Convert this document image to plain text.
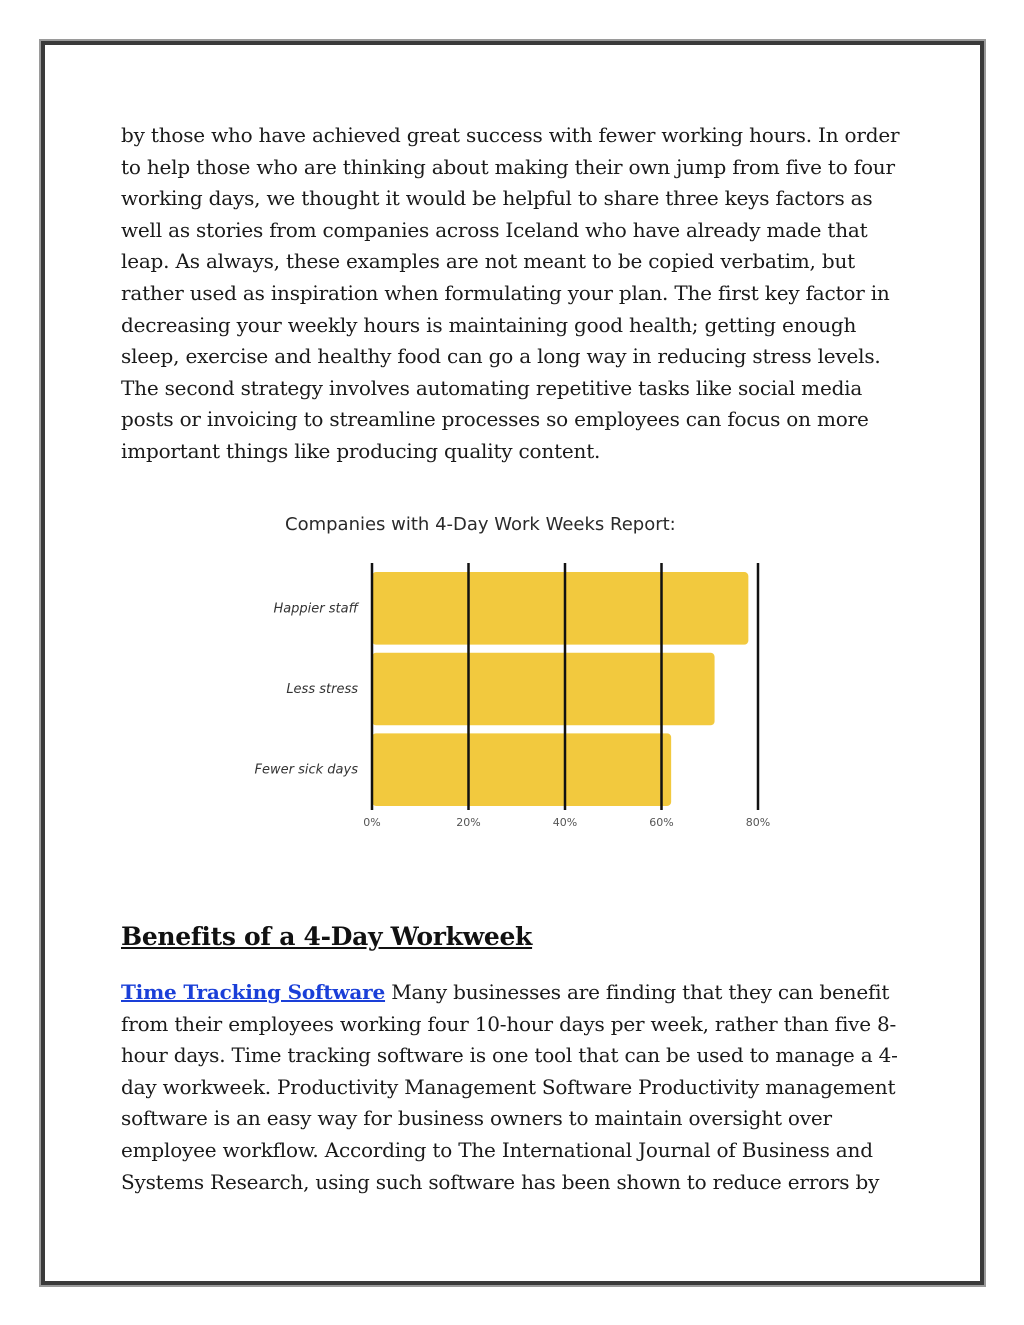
by those who have achieved great success with fewer working hours. In order to help those who are thinking about making their own jump from five to four working days, we thought it would be helpful to share three keys factors as well as stories from companies across Iceland who have already made that leap. As always, these examples are not meant to be copied verbatim, but rather used as inspiration when formulating your plan. The first key factor in decreasing your weekly hours is maintaining good health; getting enough sleep, exercise and healthy food can go a long way in reducing stress levels. The second strategy involves automating repetitive tasks like social media posts or invoicing to streamline processes so employees can focus on more important things like producing quality content.
Companies with 4-Day Work Weeks Report:
Happier staff
Less stress
Fewer sick days
0%	20%	40%	60%	80%
Benefits of a 4-Day Workweek
Time Tracking Software Many businesses are finding that they can benefit from their employees working four 10-hour days per week, rather than five 8-hour days. Time tracking software is one tool that can be used to manage a 4-day workweek. Productivity Management Software Productivity management software is an easy way for business owners to maintain oversight over employee workflow. According to The International Journal of Business and Systems Research, using such software has been shown to reduce errors by
